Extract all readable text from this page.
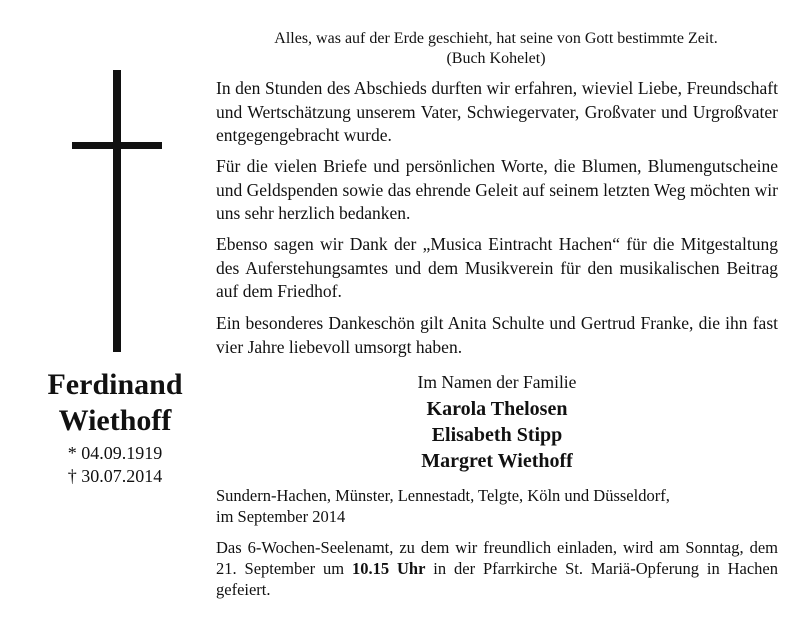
Ferdinand
Wiethoff
* 04.09.1919
† 30.07.2014
Alles, was auf der Erde geschieht, hat seine von Gott bestimmte Zeit.
(Buch Kohelet)
In den Stunden des Abschieds durften wir erfahren, wieviel Liebe, Freundschaft und Wertschätzung unserem Vater, Schwiegervater, Großvater und Urgroßvater entgegengebracht wurde.
Für die vielen Briefe und persönlichen Worte, die Blumen, Blumengutscheine und Geldspenden sowie das ehrende Geleit auf seinem letzten Weg möchten wir uns sehr herzlich bedanken.
Ebenso sagen wir Dank der „Musica Eintracht Hachen“ für die Mitgestaltung des Auferstehungsamtes und dem Musikverein für den musikalischen Beitrag auf dem Friedhof.
Ein besonderes Dankeschön gilt Anita Schulte und Gertrud Franke, die ihn fast vier Jahre liebevoll umsorgt haben.
Im Namen der Familie
Karola Thelosen
Elisabeth Stipp
Margret Wiethoff
Sundern-Hachen, Münster, Lennestadt, Telgte, Köln und Düsseldorf,
im September 2014
Das 6-Wochen-Seelenamt, zu dem wir freundlich einladen, wird am Sonntag, dem 21. September um 10.15 Uhr in der Pfarrkirche St. Mariä-Opferung in Hachen gefeiert.
